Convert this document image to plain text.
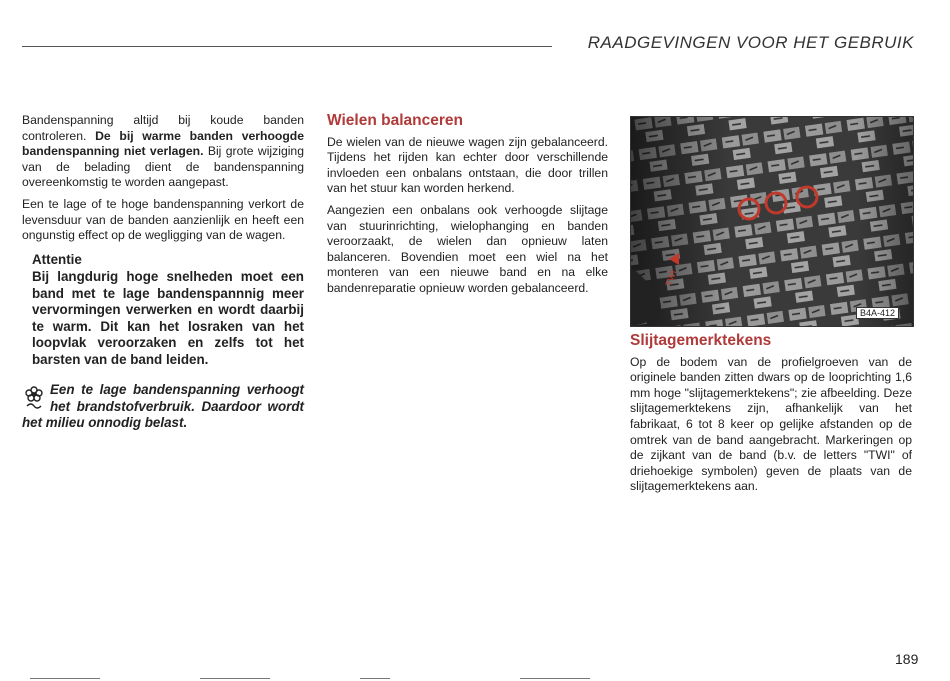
RAADGEVINGEN VOOR HET GEBRUIK

Bandenspanning altijd bij koude banden controleren. De bij warme banden verhoogde bandenspanning niet verlagen. Bij grote wijziging van de belading dient de bandenspanning overeenkomstig te worden aangepast.

Een te lage of te hoge bandenspanning verkort de levensduur van de banden aanzienlijk en heeft een ongunstig effect op de wegligging van de wagen.

Attentie
Bij langdurig hoge snelheden moet een band met te lage bandenspannnig meer vervormingen verwerken en wordt daarbij te warm. Dit kan het losraken van het loopvlak veroorzaken en zelfs tot het barsten van de band leiden.
Een te lage bandenspanning verhoogt het brandstofverbruik. Daardoor wordt het milieu onnodig belast.
Wielen balanceren

De wielen van de nieuwe wagen zijn gebalanceerd. Tijdens het rijden kan echter door verschillende invloeden een onbalans ontstaan, die door trillen van het stuur kan worden herkend.

Aangezien een onbalans ook verhoogde slijtage van stuurinrichting, wielophanging en banden veroorzaakt, de wielen dan opnieuw laten balanceren. Bovendien moet een wiel na het monteren van een nieuwe band en na elke bandenreparatie opnieuw worden gebalanceerd.

TWI
B4A-412
Slijtagemerktekens

Op de bodem van de profielgroeven van de originele banden zitten dwars op de looprichting 1,6 mm hoge "slijtagemerktekens"; zie afbeelding. Deze slijtagemerktekens zijn, afhankelijk van het fabrikaat, 6 tot 8 keer op gelijke afstanden op de omtrek van de band aangebracht. Markeringen op de zijkant van de band (b.v. de letters "TWI" of driehoekige symbolen) geven de plaats van de slijtagemerktekens aan.

189
